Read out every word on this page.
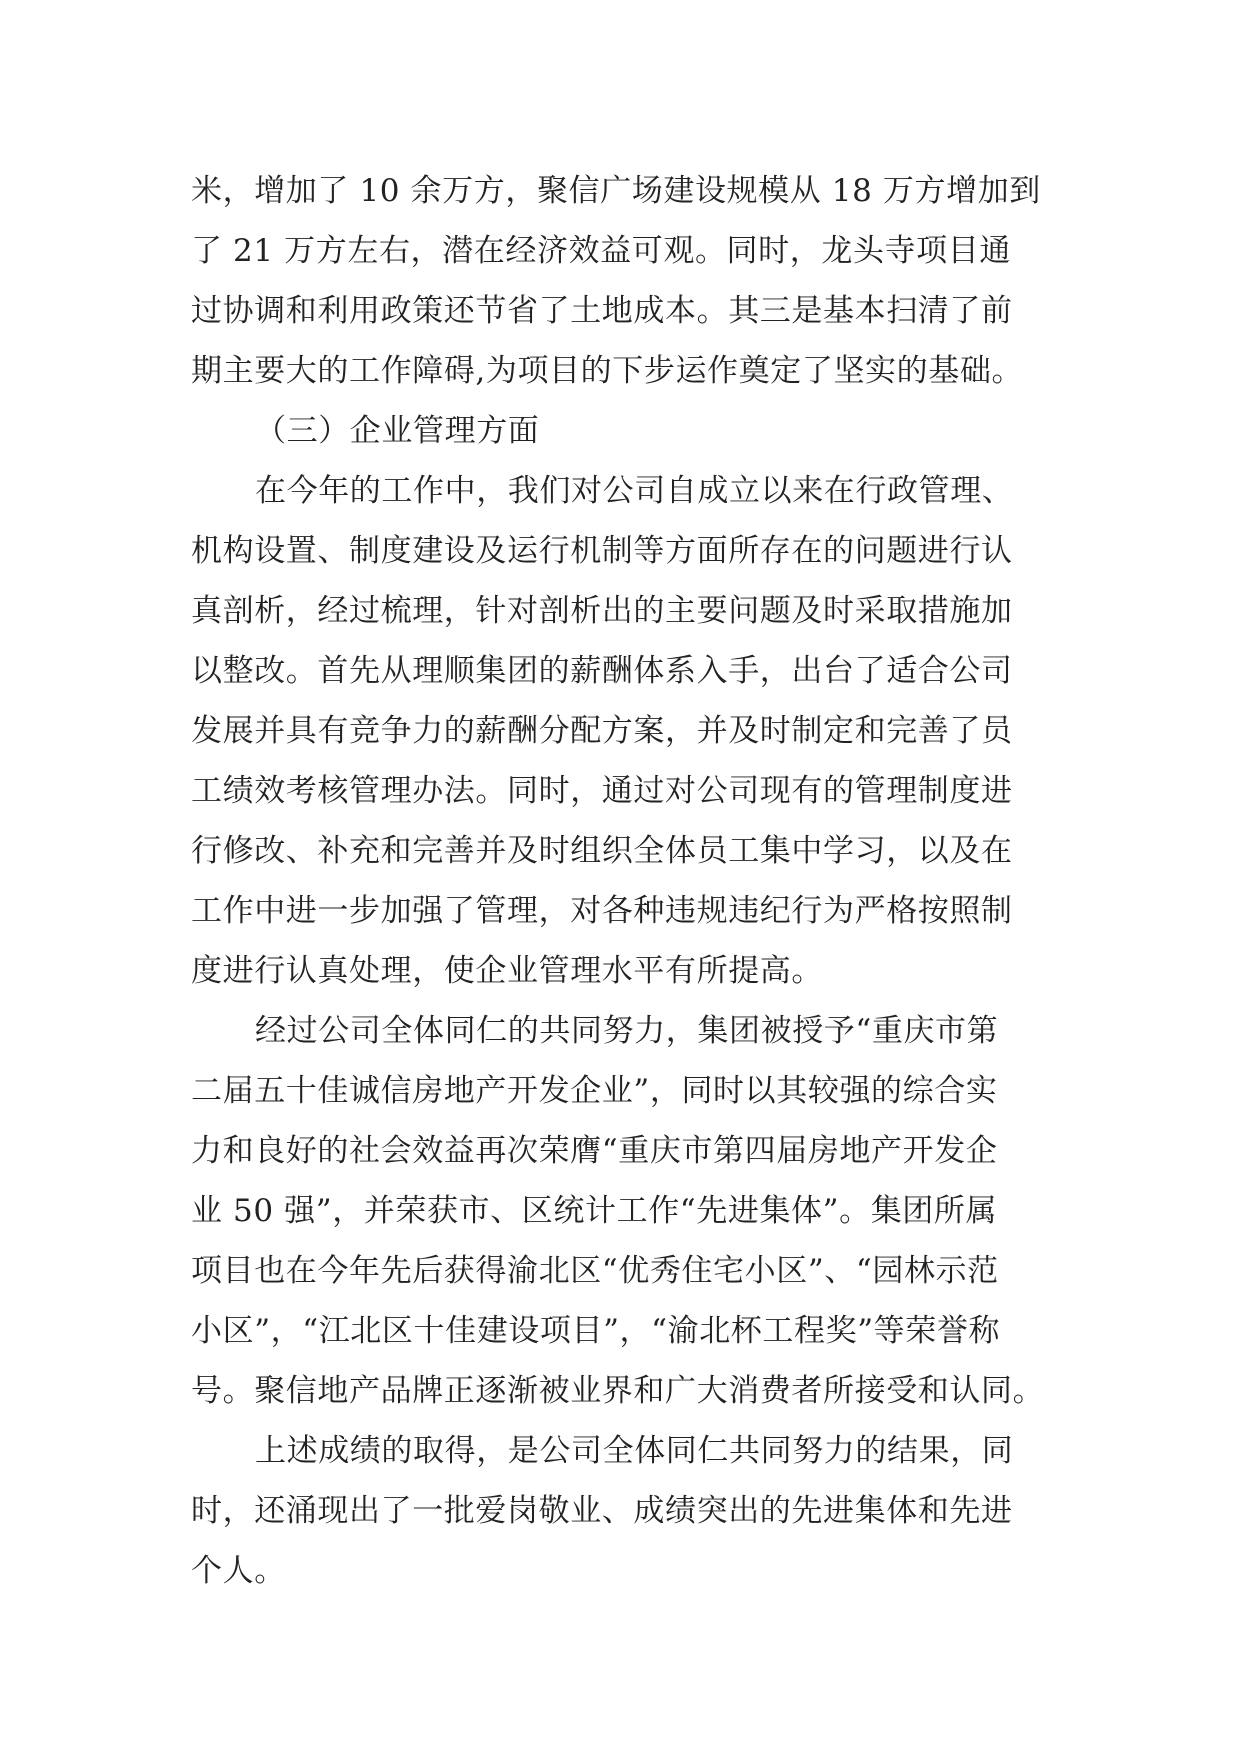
米，增加了 10 余万方，聚信广场建设规模从 18 万方增加到
了 21 万方左右，潜在经济效益可观。同时，龙头寺项目通
过协调和利用政策还节省了土地成本。其三是基本扫清了前
期主要大的工作障碍,为项目的下步运作奠定了坚实的基础。
（三）企业管理方面
在今年的工作中，我们对公司自成立以来在行政管理、
机构设置、制度建设及运行机制等方面所存在的问题进行认
真剖析，经过梳理，针对剖析出的主要问题及时采取措施加
以整改。首先从理顺集团的薪酬体系入手，出台了适合公司
发展并具有竞争力的薪酬分配方案，并及时制定和完善了员
工绩效考核管理办法。同时，通过对公司现有的管理制度进
行修改、补充和完善并及时组织全体员工集中学习，以及在
工作中进一步加强了管理，对各种违规违纪行为严格按照制
度进行认真处理，使企业管理水平有所提高。
经过公司全体同仁的共同努力，集团被授予“重庆市第
二届五十佳诚信房地产开发企业”，同时以其较强的综合实
力和良好的社会效益再次荣膺“重庆市第四届房地产开发企
业 50 强”，并荣获市、区统计工作“先进集体”。集团所属
项目也在今年先后获得渝北区“优秀住宅小区”、“园林示范
小区”，“江北区十佳建设项目”，“渝北杯工程奖”等荣誉称
号。聚信地产品牌正逐渐被业界和广大消费者所接受和认同。
上述成绩的取得，是公司全体同仁共同努力的结果，同
时，还涌现出了一批爱岗敬业、成绩突出的先进集体和先进
个人。
